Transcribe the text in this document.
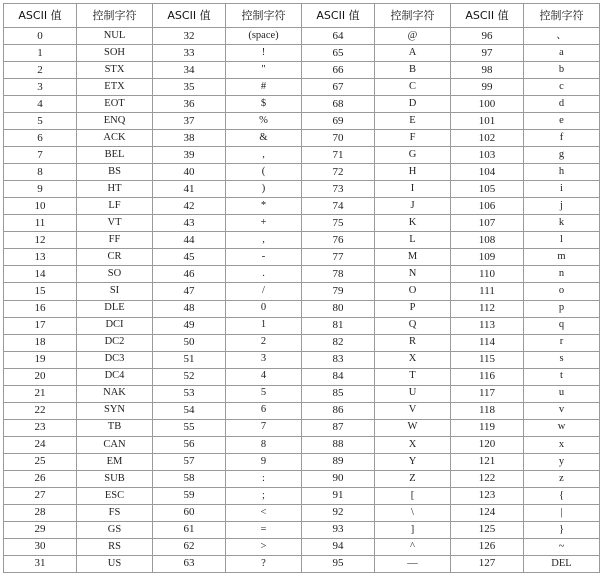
ASCII 值	控制字符	ASCII 值	控制字符	ASCII 值	控制字符	ASCII 值	控制字符
0	NUL	32	(space)	64	@	96	、
1	SOH	33	!	65	A	97	a
2	STX	34	"	66	B	98	b
3	ETX	35	#	67	C	99	c
4	EOT	36	$	68	D	100	d
5	ENQ	37	%	69	E	101	e
6	ACK	38	&	70	F	102	f
7	BEL	39	,	71	G	103	g
8	BS	40	(	72	H	104	h
9	HT	41	)	73	I	105	i
10	LF	42	*	74	J	106	j
11	VT	43	+	75	K	107	k
12	FF	44	,	76	L	108	l
13	CR	45	-	77	M	109	m
14	SO	46	.	78	N	110	n
15	SI	47	/	79	O	111	o
16	DLE	48	0	80	P	112	p
17	DCI	49	1	81	Q	113	q
18	DC2	50	2	82	R	114	r
19	DC3	51	3	83	X	115	s
20	DC4	52	4	84	T	116	t
21	NAK	53	5	85	U	117	u
22	SYN	54	6	86	V	118	v
23	TB	55	7	87	W	119	w
24	CAN	56	8	88	X	120	x
25	EM	57	9	89	Y	121	y
26	SUB	58	:	90	Z	122	z
27	ESC	59	;	91	[	123	{
28	FS	60	<	92	\	124	|
29	GS	61	=	93	]	125	}
30	RS	62	>	94	^	126	~
31	US	63	?	95	—	127	DEL
